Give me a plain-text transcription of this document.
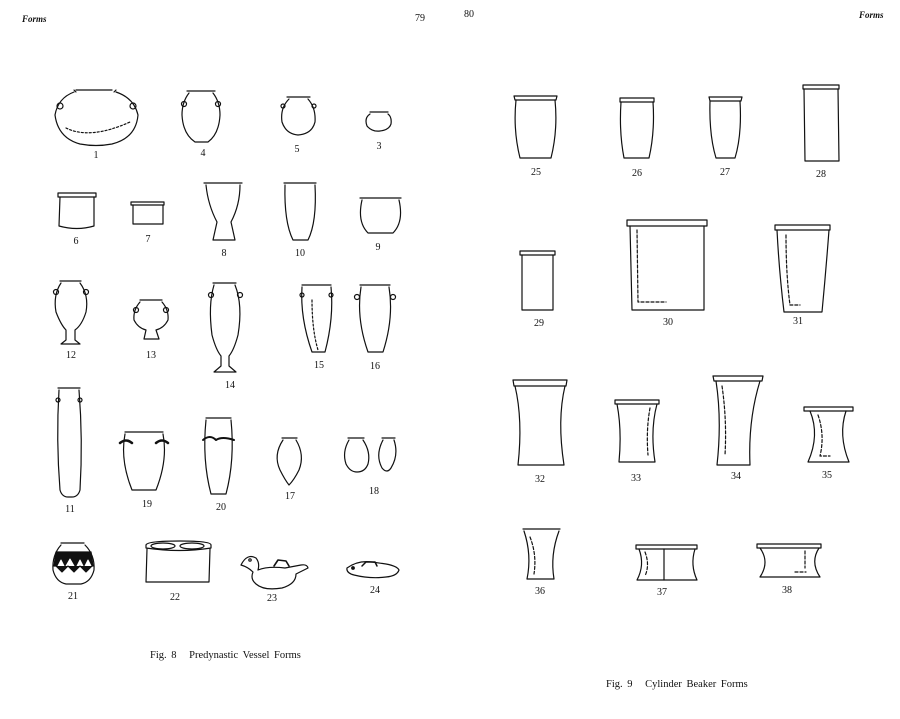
Forms	79	80	Forms
1	4	5	3
6	7
8	10
9
12	13
14
15	16
11	19	20
17	18
21	22	23
24
25	26	27	28
29	30	31
32	33	34	35
36	37	38
Fig. 8 Predynastic Vessel Forms
Fig. 9 Cylinder Beaker Forms
